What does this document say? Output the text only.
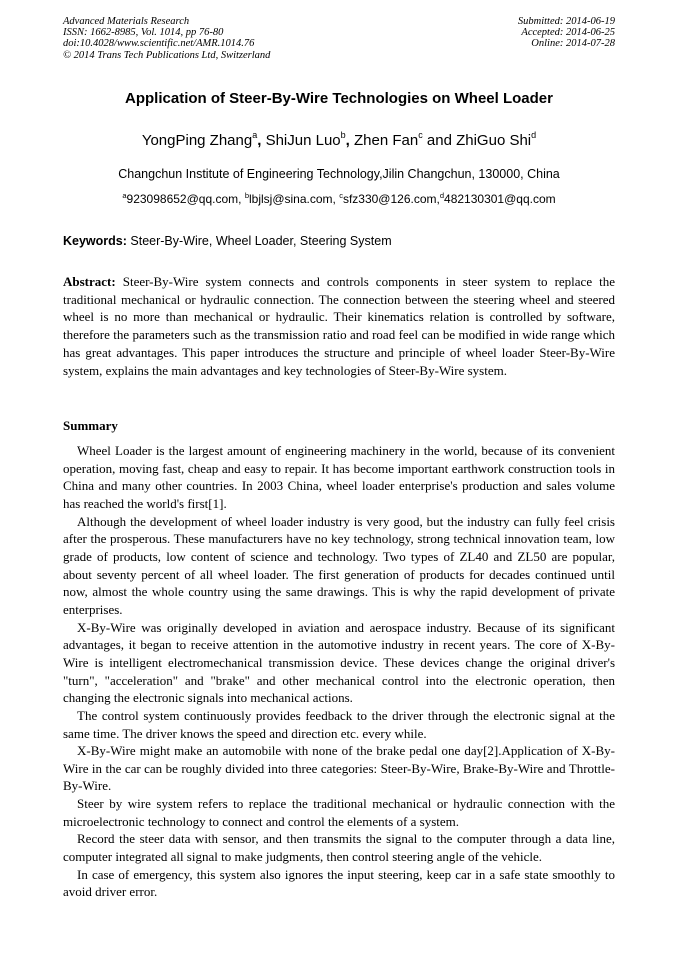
Advanced Materials Research
ISSN: 1662-8985, Vol. 1014, pp 76-80
doi:10.4028/www.scientific.net/AMR.1014.76
© 2014 Trans Tech Publications Ltd, Switzerland
Submitted: 2014-06-19
Accepted: 2014-06-25
Online: 2014-07-28
Application of Steer-By-Wire Technologies on Wheel Loader
YongPing Zhang$^a$, ShiJun Luo$^b$, Zhen Fan$^c$ and ZhiGuo Shi$^d$
Changchun Institute of Engineering Technology,Jilin Changchun, 130000, China
$^a$923098652@qq.com, $^b$lbjlsj@sina.com, $^c$sfz330@126.com,$^d$482130301@qq.com
Keywords: Steer-By-Wire, Wheel Loader, Steering System
Abstract: Steer-By-Wire system connects and controls components in steer system to replace the traditional mechanical or hydraulic connection. The connection between the steering wheel and steered wheel is no more than mechanical or hydraulic. Their kinematics relation is controlled by software, therefore the parameters such as the transmission ratio and road feel can be modified in wide range which has great advantages. This paper introduces the structure and principle of wheel loader Steer-By-Wire system, explains the main advantages and key technologies of Steer-By-Wire system.
Summary

Wheel Loader is the largest amount of engineering machinery in the world, because of its convenient operation, moving fast, cheap and easy to repair. It has become important earthwork construction tools in China and many other countries. In 2003 China, wheel loader enterprise's production and sales volume has reached the world's first[1].

Although the development of wheel loader industry is very good, but the industry can fully feel crisis after the prosperous. These manufacturers have no key technology, strong technical innovation team, low grade of products, low content of science and technology. Two types of ZL40 and ZL50 are popular, about seventy percent of all wheel loader. The first generation of products for decades continued until now, almost the whole country using the same drawings. This is why the rapid development of private enterprises.

X-By-Wire was originally developed in aviation and aerospace industry. Because of its significant advantages, it began to receive attention in the automotive industry in recent years. The core of X-By-Wire is intelligent electromechanical transmission device. These devices change the original driver's "turn", "acceleration" and "brake" and other mechanical control into the electronic operation, then changing the electronic signals into mechanical actions.

The control system continuously provides feedback to the driver through the electronic signal at the same time. The driver knows the speed and direction etc. every while.

X-By-Wire might make an automobile with none of the brake pedal one day[2].Application of X-By-Wire in the car can be roughly divided into three categories: Steer-By-Wire, Brake-By-Wire and Throttle-By-Wire.

Steer by wire system refers to replace the traditional mechanical or hydraulic connection with the microelectronic technology to connect and control the elements of a system.

Record the steer data with sensor, and then transmits the signal to the computer through a data line, computer integrated all signal to make judgments, then control steering angle of the vehicle.

In case of emergency, this system also ignores the input steering, keep car in a safe state smoothly to avoid driver error.
